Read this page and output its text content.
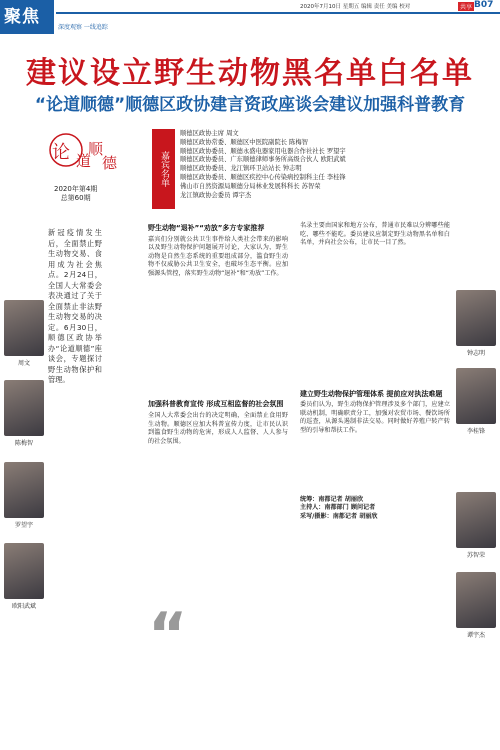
聚焦
深度观察 一线追踪
2020年7月10日 星期五 编辑 责任 美编 校对	共享 B07
建议设立野生动物黑名单白名单
“论道顺德”顺德区政协建言资政座谈会建议加强科普教育
论 道
顺
德
2020年第4期
总第60期
嘉宾名单
顺德区政协主席 周文
顺德区政协常委、顺德区中医院副院长 陈梅智
顺德区政协委员、顺德永盛电器家用电器合作社社长 罗望宇
顺德区政协委员、广东顺德律师事务所高级合伙人 欧阳武斌
顺德区政协委员、龙江镇环卫站站长 钟志明
顺德区政协委员、顺德区疾控中心传染病控制科主任 李桂锋
佛山市自然资源局顺德分局林业发展科科长 苏智荣
龙江镇政协会委员 谭宇杰
新冠疫情发生后，全面禁止野生动物交易、食用成为社会焦点。2月24日，全国人大常委会表决通过了关于全面禁止非法野生动物交易的决定。6月30日，顺德区政协举办“论道顺德”座谈会，专题探讨野生动物保护和管理。
周文
陈梅智
罗望宇
欧阳武斌
钟志明
李桂锋
苏智荣
谭宇杰
野生动物“退补”“劝放”多方专家推荐
嘉宾们分别就公共卫生事件给人类社会带来的影响以及野生动物保护问题展开讨论，大家认为，野生动物是自然生态系统的重要组成部分，滥食野生动物不仅威胁公共卫生安全，也破坏生态平衡。应加强源头管控，落实野生动物“退补”和“劝放”工作。
加强科普教育宣传 形成互相监督的社会氛围
全国人大常委会出台的决定明确，全面禁止食用野生动物。顺德区应加大科普宣传力度，让市民认识到滥食野生动物的危害，形成人人监督、人人参与的社会氛围。
“
名录主要由国家和地方公布，普通市民难以分辨哪些能吃、哪些不能吃。委员建议应制定野生动物黑名单和白名单，并向社会公布，让市民一目了然。
建立野生动物保护管理体系 提前应对执法难题
委员们认为，野生动物保护管理涉及多个部门，应建立联动机制，明确职责分工，加强对农贸市场、餐饮场所的巡查，从源头遏制非法交易。同时做好养殖户转产转型的引导和帮扶工作。
统筹：南都记者 胡丽欣
主持人：南都部门 顾问记者
采写/摄影：南都记者 胡丽欣
